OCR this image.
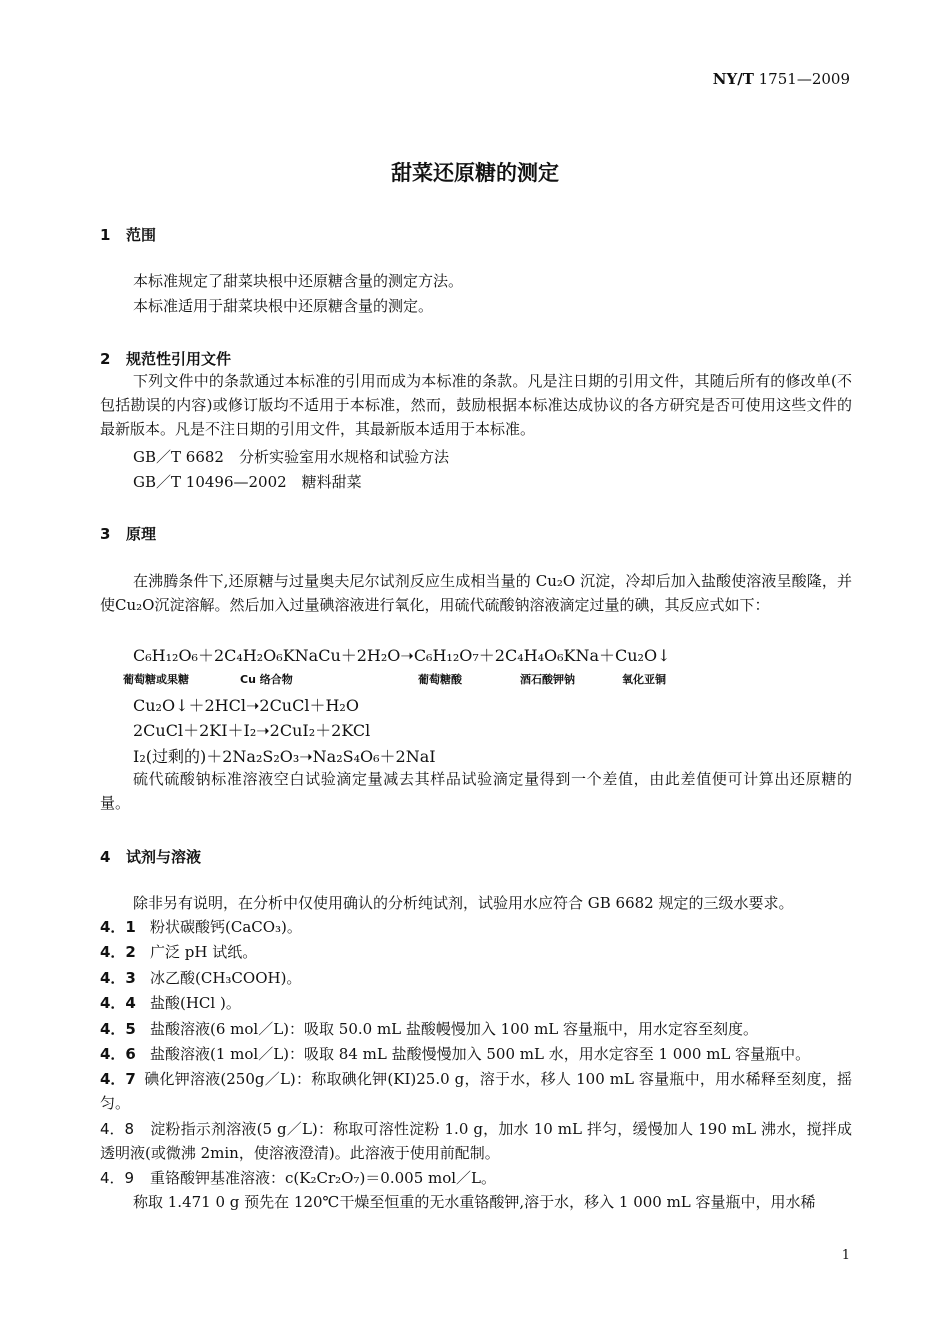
NY/T 1751—2009
甜菜还原糖的测定
1 范围
本标准规定了甜菜块根中还原糖含量的测定方法。
本标准适用于甜菜块根中还原糖含量的测定。
2 规范性引用文件
下列文件中的条款通过本标准的引用而成为本标准的条款。凡是注日期的引用文件，其随后所有的修改单(不包括勘误的内容)或修订版均不适用于本标准，然而，鼓励根据本标准达成协议的各方研究是否可使用这些文件的最新版本。凡是不注日期的引用文件，其最新版本适用于本标准。
GB／T 6682　分析实验室用水规格和试验方法
GB／T 10496—2002　糖料甜菜
3 原理
在沸腾条件下,还原糖与过量奥夫尼尔试剂反应生成相当量的 Cu₂O 沉淀，冷却后加入盐酸使溶液呈酸隆，并使Cu₂O沉淀溶解。然后加入过量碘溶液进行氧化，用硫代硫酸钠溶液滴定过量的碘，其反应式如下：
C₆H₁₂O₆＋2C₄H₂O₆KNaCu＋2H₂O➝C₆H₁₂O₇＋2C₄H₄O₆KNa＋Cu₂O↓
葡萄糖或果糖	Cu 络合物	葡萄糖酸	酒石酸钾钠	氧化亚铜
Cu₂O↓＋2HCl➝2CuCl＋H₂O
2CuCl＋2KI＋I₂➝2CuI₂＋2KCl
I₂(过剩的)＋2Na₂S₂O₃➝Na₂S₄O₆＋2NaI
硫代硫酸钠标准溶液空白试验滴定量减去其样品试验滴定量得到一个差值，由此差值便可计算出还原糖的量。
4 试剂与溶液
除非另有说明，在分析中仅使用确认的分析纯试剂，试验用水应符合 GB 6682 规定的三级水要求。
4．1 粉状碳酸钙(CaCO₃)。
4．2 广泛 pH 试纸。
4．3 冰乙酸(CH₃COOH)。
4．4 盐酸(HCl )。
4．5 盐酸溶液(6 mol／L)：吸取 50.0 mL 盐酸幔慢加入 100 mL 容量瓶中，用水定容至刻度。
4．6 盐酸溶液(1 mol／L)：吸取 84 mL 盐酸慢慢加入 500 mL 水，用水定容至 1 000 mL 容量瓶中。
4．7 碘化钾溶液(250g／L)：称取碘化钾(KI)25.0 g，溶于水，移人 100 mL 容量瓶中，用水稀释至刻度，摇匀。
4．8 淀粉指示剂溶液(5 g／L)：称取可溶性淀粉 1.0 g，加水 10 mL 拌匀，缓慢加人 190 mL 沸水，搅拌成透明液(或微沸 2min，使溶液澄清)。此溶液于使用前配制。
4．9 重铬酸钾基准溶液：c(K₂Cr₂O₇)＝0.005 mol／L。
称取 1.471 0 g 预先在 120℃干燥至恒重的无水重铬酸钾,溶于水，移入 1 000 mL 容量瓶中，用水稀
1
